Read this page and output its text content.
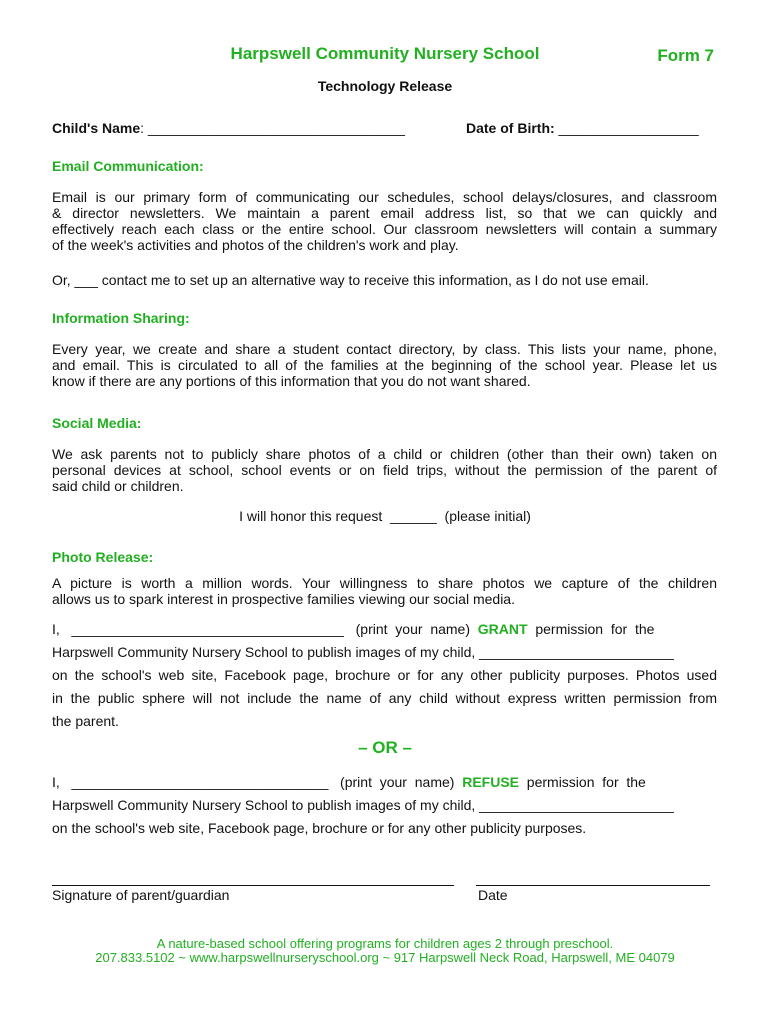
Harpswell Community Nursery School	Form 7
Technology Release
Child's Name: _________________________________	Date of Birth: __________________
Email Communication:
Email is our primary form of communicating our schedules, school delays/closures, and classroom
& director newsletters. We maintain a parent email address list, so that we can quickly and
effectively reach each class or the entire school. Our classroom newsletters will contain a summary
of the week's activities and photos of the children's work and play.
Or, ___ contact me to set up an alternative way to receive this information, as I do not use email.
Information Sharing:
Every year, we create and share a student contact directory, by class. This lists your name, phone,
and email. This is circulated to all of the families at the beginning of the school year. Please let us
know if there are any portions of this information that you do not want shared.
Social Media:
We ask parents not to publicly share photos of a child or children (other than their own) taken on
personal devices at school, school events or on field trips, without the permission of the parent of
said child or children.
I will honor this request  ______  (please initial)
Photo Release:
A picture is worth a million words. Your willingness to share photos we capture of the children
allows us to spark interest in prospective families viewing our social media.
I,   ___________________________________   (print  your  name)  GRANT  permission  for  the
Harpswell Community Nursery School to publish images of my child, _________________________
on the school's web site, Facebook page, brochure or for any other publicity purposes. Photos used
in the public sphere will not include the name of any child without express written permission from
the parent.
– OR –
I,   _________________________________   (print  your  name)  REFUSE  permission  for  the
Harpswell Community Nursery School to publish images of my child, _________________________
on the school's web site, Facebook page, brochure or for any other publicity purposes.
Signature of parent/guardian	Date
A nature-based school offering programs for children ages 2 through preschool.
207.833.5102 ~ www.harpswellnurseryschool.org ~ 917 Harpswell Neck Road, Harpswell, ME 04079
